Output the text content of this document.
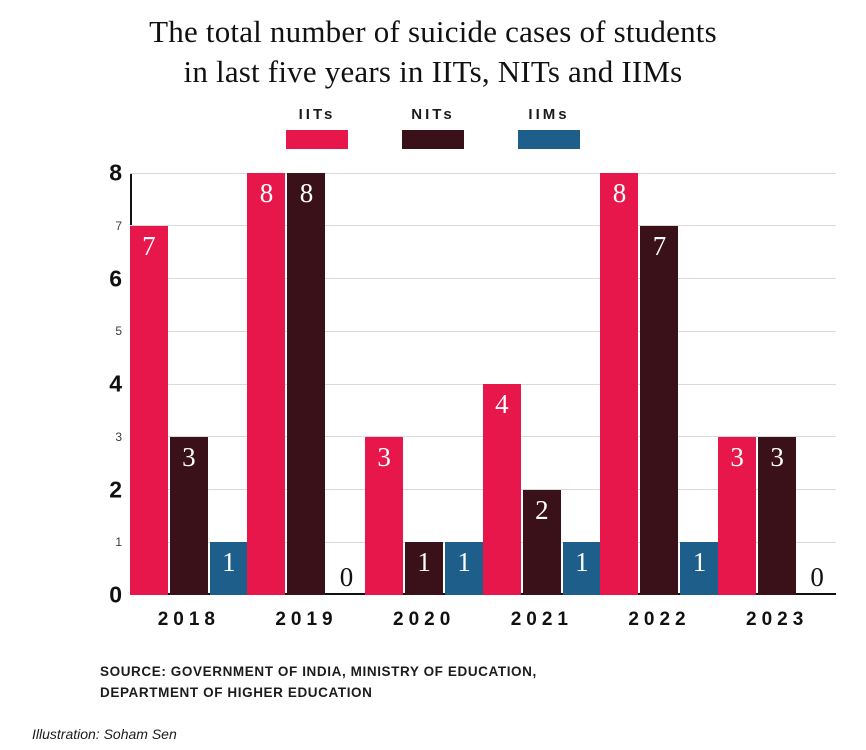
The total number of suicide cases of students
in last five years in IITs, NITs and IIMs
IITs	NITs	IIMs
0
1
2
3
4
5
6
7
8
7
3
1
8 8
0
3
1 1
4
2
1
8
7
1
3 3
0
2018	2019	2020	2021	2022	2023
SOURCE: GOVERNMENT OF INDIA, MINISTRY OF EDUCATION,
DEPARTMENT OF HIGHER EDUCATION
Illustration: Soham Sen
